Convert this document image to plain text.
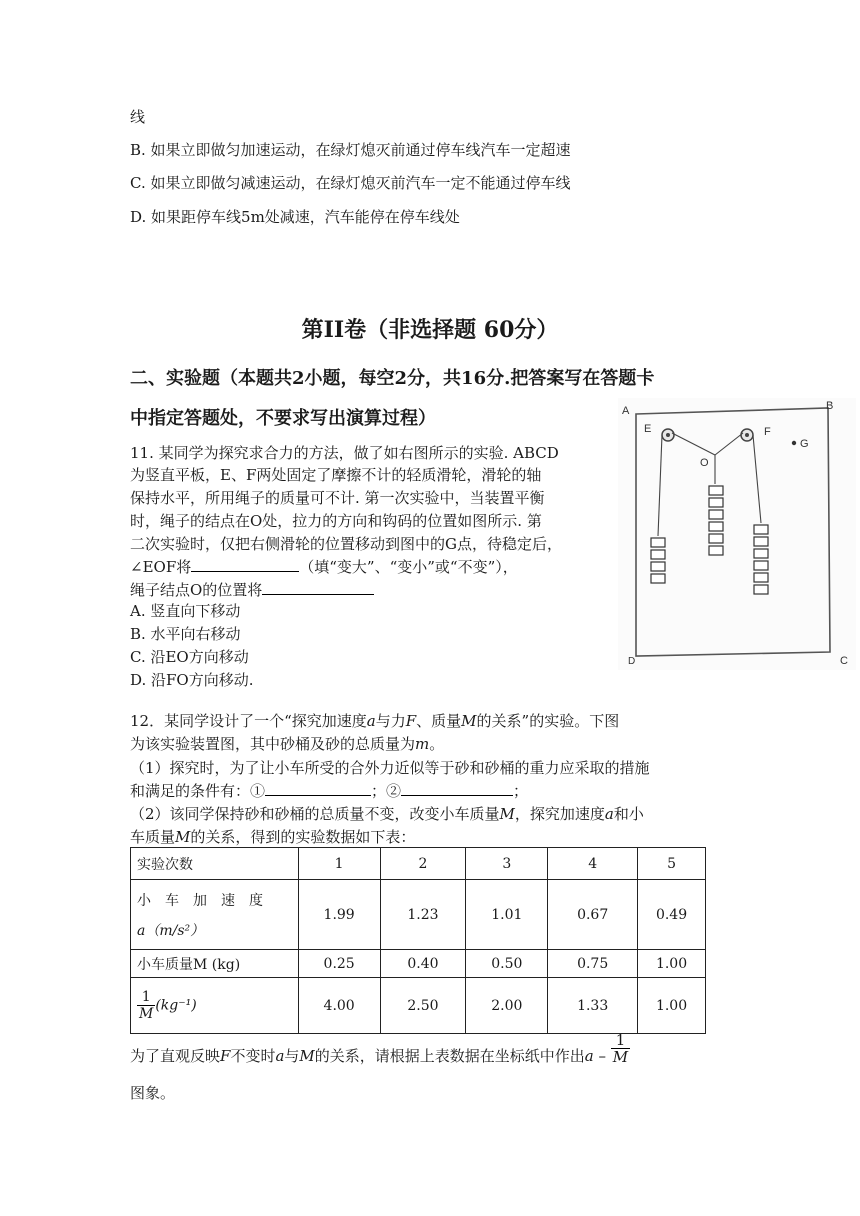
线
B. 如果立即做匀加速运动，在绿灯熄灭前通过停车线汽车一定超速
C. 如果立即做匀减速运动，在绿灯熄灭前汽车一定不能通过停车线
D. 如果距停车线5m处减速，汽车能停在停车线处
第II卷（非选择题 60分）
二、实验题（本题共2小题，每空2分，共16分.把答案写在答题卡
中指定答题处，不要求写出演算过程）
11. 某同学为探究求合力的方法，做了如右图所示的实验. ABCD
为竖直平板，E、F两处固定了摩擦不计的轻质滑轮，滑轮的轴
保持水平，所用绳子的质量可不计. 第一次实验中，当装置平衡
时，绳子的结点在O处，拉力的方向和钩码的位置如图所示. 第
二次实验时，仅把右侧滑轮的位置移动到图中的G点，待稳定后，
∠EOF将	（填“变大”、“变小”或“不变”），
绳子结点O的位置将
A. 竖直向下移动
B. 水平向右移动
C. 沿EO方向移动
D. 沿FO方向移动.
A	B
C
D
E	F
G
O
12．某同学设计了一个“探究加速度a与力F、质量M的关系”的实验。下图
为该实验装置图，其中砂桶及砂的总质量为m。
（1）探究时，为了让小车所受的合外力近似等于砂和砂桶的重力应采取的措施
和满足的条件有：①	；②	；
（2）该同学保持砂和砂桶的总质量不变，改变小车质量M，探究加速度a和小
车质量M的关系，得到的实验数据如下表：
实验次数	1	2	3	4	5

小　车　加　速　度
a（m/s²）	1.99	1.23	1.01	0.67	0.49
小车质量M (kg)	0.25	0.40	0.50	0.75	1.00

$\frac{1}{M} (kg^{-1})$	4.00	2.50	2.00	1.33	1.00
为了直观反映F不变时a与M的关系，请根据上表数据在坐标纸中作出a – $\frac{1}{M}$
图象。
